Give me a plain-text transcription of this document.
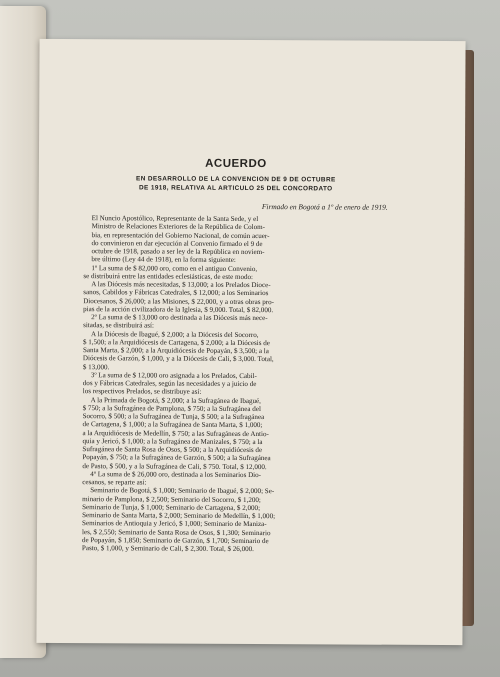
ACUERDO
EN DESARROLLO DE LA CONVENCION DE 9 DE OCTUBRE
DE 1918, RELATIVA AL ARTICULO 25 DEL CONCORDATO
Firmado en Bogotá a 1º de enero de 1919.
El Nuncio Apostólico, Representante de la Santa Sede, y el
Ministro de Relaciones Exteriores de la República de Colom-
bia, en representación del Gobierno Nacional, de común acuer-
do convinieron en dar ejecución al Convenio firmado el 9 de
octubre de 1918, pasado a ser ley de la República en noviem-
bre último (Ley 44 de 1918), en la forma siguiente:
1º La suma de $ 82,000 oro, como en el antiguo Convenio,
se distribuirá entre las entidades eclesiásticas, de este modo:
A las Diócesis más necesitadas, $ 13,000; a los Prelados Dioce-
sanos, Cabildos y Fábricas Catedrales, $ 12,000; a los Seminarios
Diocesanos, $ 26,000; a las Misiones, $ 22,000, y a otras obras pro-
pias de la acción civilizadora de la Iglesia, $ 9,000. Total, $ 82,000.
2º La suma de $ 13,000 oro destinada a las Diócesis más nece-
sitadas, se distribuirá así:
A la Diócesis de Ibagué, $ 2,000; a la Diócesis del Socorro,
$ 1,500; a la Arquidiócesis de Cartagena, $ 2,000; a la Diócesis de
Santa Marta, $ 2,000; a la Arquidiócesis de Popayán, $ 3,500; a la
Diócesis de Garzón, $ 1,000, y a la Diócesis de Cali, $ 3,000. Total,
$ 13,000.
3º La suma de $ 12,000 oro asignada a los Prelados, Cabil-
dos y Fábricas Catedrales, según las necesidades y a juicio de
los respectivos Prelados, se distribuye así:
A la Primada de Bogotá, $ 2,000; a la Sufragánea de Ibagué,
$ 750; a la Sufragánea de Pamplona, $ 750; a la Sufragánea del
Socorro, $ 500; a la Sufragánea de Tunja, $ 500; a la Sufragánea
de Cartagena, $ 1,000; a la Sufragánea de Santa Marta, $ 1,000;
a la Arquidiócesis de Medellín, $ 750; a las Sufragáneas de Antio-
quia y Jericó, $ 1,000; a la Sufragánea de Manizales, $ 750; a la
Sufragánea de Santa Rosa de Osos, $ 500; a la Arquidiócesis de
Popayán, $ 750; a la Sufragánea de Garzón, $ 500; a la Sufragánea
de Pasto, $ 500, y a la Sufragánea de Cali, $ 750. Total, $ 12,000.
4º La suma de $ 26,000 oro, destinada a los Seminarios Dio-
cesanos, se reparte así:
Seminario de Bogotá, $ 1,000; Seminario de Ibagué, $ 2,000; Se-
minario de Pamplona, $ 2,500; Seminario del Socorro, $ 1,200;
Seminario de Tunja, $ 1,000; Seminario de Cartagena, $ 2,000;
Seminario de Santa Marta, $ 2,000; Seminario de Medellín, $ 1,000;
Seminarios de Antioquia y Jericó, $ 1,000; Seminario de Maniza-
les, $ 2,550; Seminario de Santa Rosa de Osos, $ 1,300; Seminario
de Popayán, $ 1,850; Seminario de Garzón, $ 1,700; Seminario de
Pasto, $ 1,000, y Seminario de Cali, $ 2,300. Total, $ 26,000.
